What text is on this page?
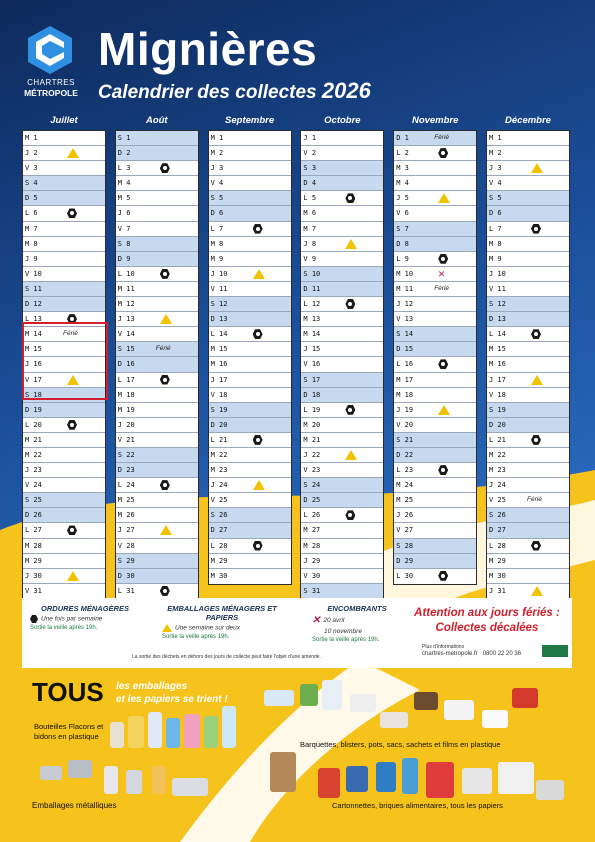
CHARTRES
MÉTROPOLE
Mignières
Calendrier des collectes 2026
Juillet
M 1
J 2
V 3
S 4
D 5
L 6
M 7
M 8
J 9
V 10
S 11
D 12
L 13
M 14	Férié
M 15
J 16
V 17
S 18
D 19
L 20
M 21
M 22
J 23
V 24
S 25
D 26
L 27
M 28
M 29
J 30
V 31
Août
S 1
D 2
L 3
M 4
M 5
J 6
V 7
S 8
D 9
L 10
M 11
M 12
J 13
V 14
S 15	Férié
D 16
L 17
M 18
M 19
J 20
V 21
S 22
D 23
L 24
M 25
M 26
J 27
V 28
S 29
D 30
L 31
Septembre
M 1
M 2
J 3
V 4
S 5
D 6
L 7
M 8
M 9
J 10
V 11
S 12
D 13
L 14
M 15
M 16
J 17
V 18
S 19
D 20
L 21
M 22
M 23
J 24
V 25
S 26
D 27
L 28
M 29
M 30
Octobre
J 1
V 2
S 3
D 4
L 5
M 6
M 7
J 8
V 9
S 10
D 11
L 12
M 13
M 14
J 15
V 16
S 17
D 18
L 19
M 20
M 21
J 22
V 23
S 24
D 25
L 26
M 27
M 28
J 29
V 30
S 31
Novembre
D 1	Férié
L 2
M 3
M 4
J 5
V 6
S 7
D 8
L 9
M 10 ✕
M 11	Férié
J 12
V 13
S 14
D 15
L 16
M 17
M 18
J 19
V 20
S 21
D 22
L 23
M 24
M 25
J 26
V 27
S 28
D 29
L 30
Décembre
M 1
M 2
J 3
V 4
S 5
D 6
L 7
M 8
M 9
J 10
V 11
S 12
D 13
L 14
M 15
M 16
J 17
V 18
S 19
D 20
L 21
M 22
M 23
J 24
V 25	Férié
S 26
D 27
L 28
M 29
M 30
J 31
ORDURES MÉNAGÈRES
Une fois par semaine
Sortie la veille après 19h.
EMBALLAGES MÉNAGERS ET PAPIERS
Une semaine sur deux
Sortie la veille après 19h.
ENCOMBRANTS
✕ 20 avril
10 novembre
Sortie la veille après 19h.
Attention aux jours fériés :
Collectes décalées
La sortie des déchets en dehors des jours de collecte peut faire l'objet d'une amende.
Plus d'informations
chartres-metropole.fr 0800 22 20 36
TOUS les emballages
et les papiers se trient !
Bouteilles Flacons et bidons en plastique
Emballages métalliques
Barquettes, blisters, pots, sacs, sachets et films en plastique
Cartonnettes, briques alimentaires, tous les papiers
